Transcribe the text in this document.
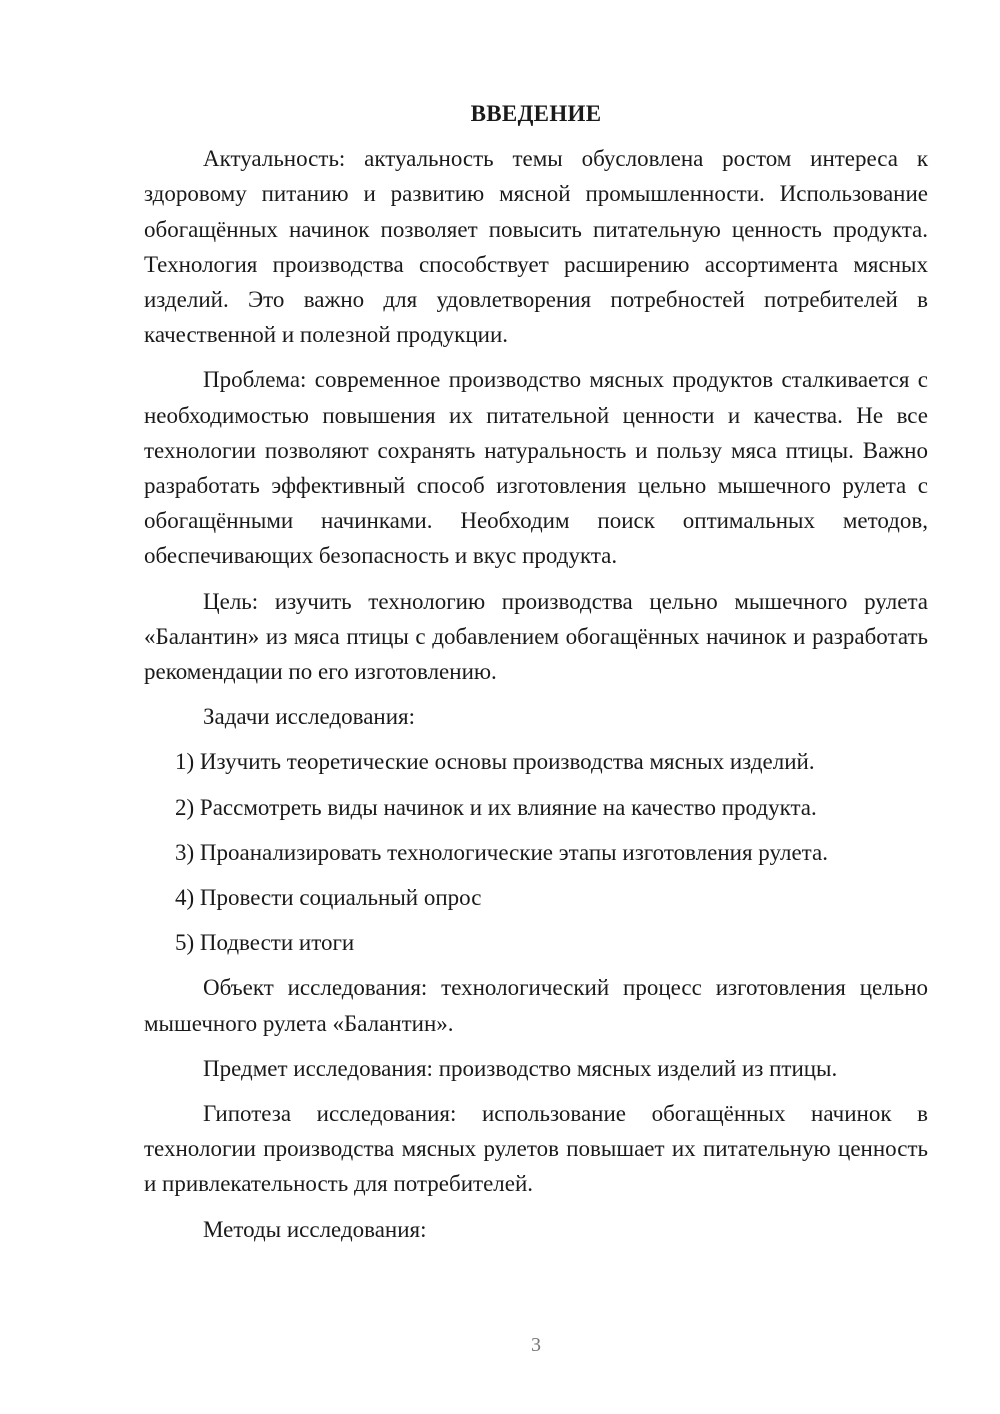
ВВЕДЕНИЕ

Актуальность: актуальность темы обусловлена ростом интереса к здоровому питанию и развитию мясной промышленности. Использование обогащённых начинок позволяет повысить питательную ценность продукта. Технология производства способствует расширению ассортимента мясных изделий. Это важно для удовлетворения потребностей потребителей в качественной и полезной продукции.

Проблема: современное производство мясных продуктов сталкивается с необходимостью повышения их питательной ценности и качества. Не все технологии позволяют сохранять натуральность и пользу мяса птицы. Важно разработать эффективный способ изготовления цельно мышечного рулета с обогащёнными начинками. Необходим поиск оптимальных методов, обеспечивающих безопасность и вкус продукта.

Цель: изучить технологию производства цельно мышечного рулета «Балантин» из мяса птицы с добавлением обогащённых начинок и разработать рекомендации по его изготовлению.

Задачи исследования:

1) Изучить теоретические основы производства мясных изделий.

2) Рассмотреть виды начинок и их влияние на качество продукта.

3) Проанализировать технологические этапы изготовления рулета.

4) Провести социальный опрос

5) Подвести итоги

Объект исследования: технологический процесс изготовления цельно мышечного рулета «Балантин».

Предмет исследования: производство мясных изделий из птицы.

Гипотеза исследования: использование обогащённых начинок в технологии производства мясных рулетов повышает их питательную ценность и привлекательность для потребителей.

Методы исследования:

3
